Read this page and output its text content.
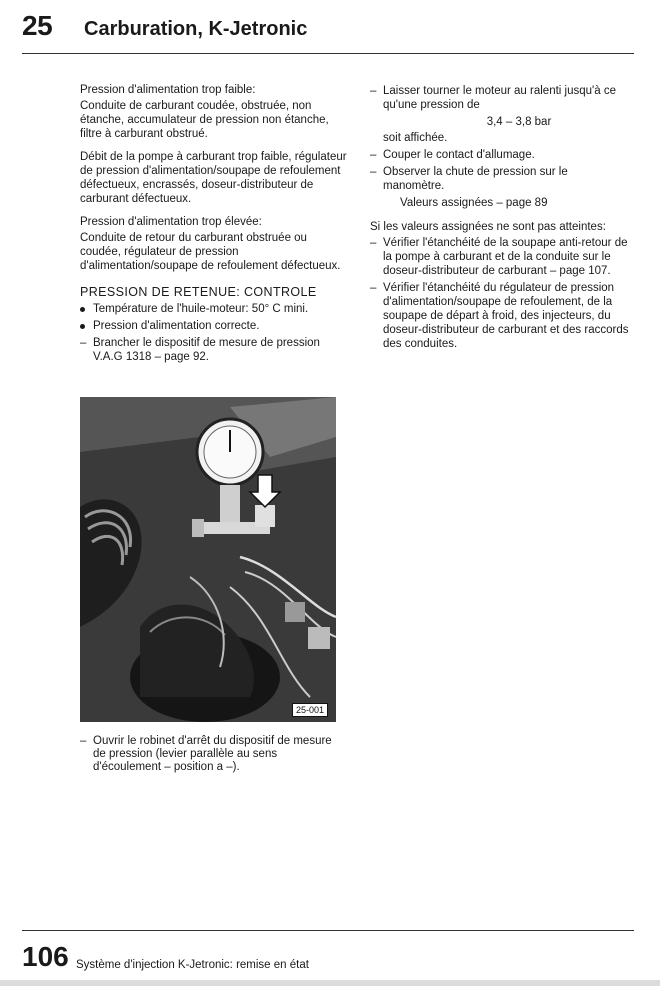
25 Carburation, K-Jetronic

Pression d'alimentation trop faible:

Conduite de carburant coudée, obstruée, non étanche, accumulateur de pression non étanche, filtre à carburant obstrué.

Débit de la pompe à carburant trop faible, régulateur de pression d'alimentation/soupape de refoulement défectueux, encrassés, doseur-distributeur de carburant défectueux.

Pression d'alimentation trop élevée:

Conduite de retour du carburant obstruée ou coudée, régulateur de pression d'alimentation/soupape de refoulement défectueux.

PRESSION DE RETENUE: CONTROLE

Température de l'huile-moteur: 50° C mini.
Pression d'alimentation correcte.
– Brancher le dispositif de mesure de pression V.A.G 1318 – page 92.
25-001
– Ouvrir le robinet d'arrêt du dispositif de mesure de pression (levier parallèle au sens d'écoulement – position a –).
– Laisser tourner le moteur au ralenti jusqu'à ce qu'une pression de

3,4 – 3,8 bar

soit affichée.

– Couper le contact d'allumage.
– Observer la chute de pression sur le manomètre.

Valeurs assignées – page 89

Si les valeurs assignées ne sont pas atteintes:

– Vérifier l'étanchéité de la soupape anti-retour de la pompe à carburant et de la conduite sur le doseur-distributeur de carburant – page 107.
– Vérifier l'étanchéité du régulateur de pression d'alimentation/soupape de refoulement, de la soupape de départ à froid, des injecteurs, du doseur-distributeur de carburant et des raccords des conduites.
106 Système d'injection K-Jetronic: remise en état
